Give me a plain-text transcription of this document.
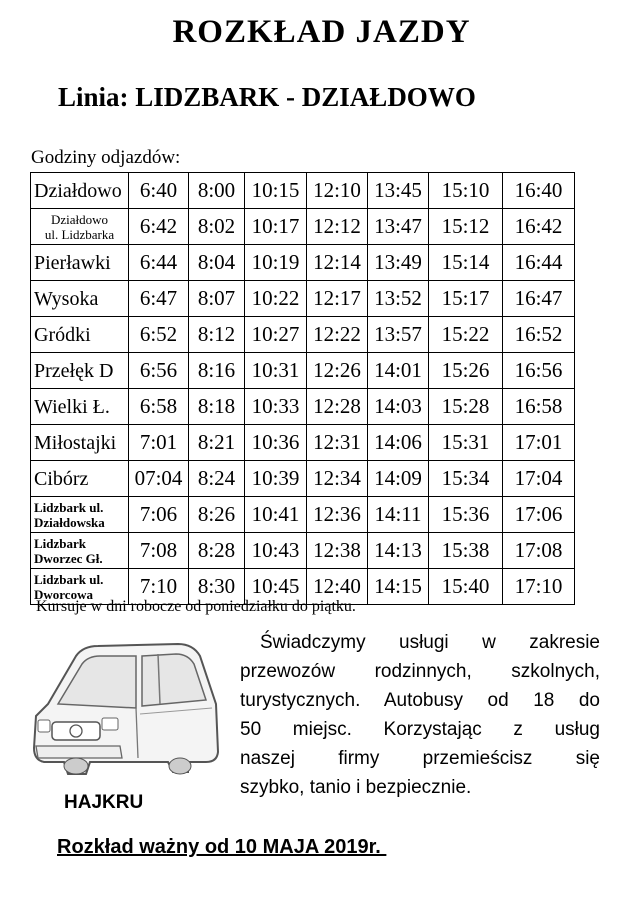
ROZKŁAD JAZDY
Linia: LIDZBARK - DZIAŁDOWO
Godziny odjazdów:
Działdowo	6:40	8:00	10:15	12:10	13:45	15:10	16:40
Działdowo
ul. Lidzbarka	6:42	8:02	10:17	12:12	13:47	15:12	16:42
Pierławki	6:44	8:04	10:19	12:14	13:49	15:14	16:44
Wysoka	6:47	8:07	10:22	12:17	13:52	15:17	16:47
Gródki	6:52	8:12	10:27	12:22	13:57	15:22	16:52
Przełęk D	6:56	8:16	10:31	12:26	14:01	15:26	16:56
Wielki Ł.	6:58	8:18	10:33	12:28	14:03	15:28	16:58
Miłostajki	7:01	8:21	10:36	12:31	14:06	15:31	17:01
Cibórz	07:04	8:24	10:39	12:34	14:09	15:34	17:04
Lidzbark ul.
Działdowska	7:06	8:26	10:41	12:36	14:11	15:36	17:06
Lidzbark
Dworzec Gł.	7:08	8:28	10:43	12:38	14:13	15:38	17:08
Lidzbark ul.
Dworcowa	7:10	8:30	10:45	12:40	14:15	15:40	17:10
Kursuje w dni robocze od poniedziałku do piątku.
Świadczymy usługi w zakresie
przewozów rodzinnych, szkolnych,
turystycznych. Autobusy od 18 do
50 miejsc. Korzystając z usług
naszej firmy przemieścisz się
szybko, tanio i bezpiecznie.
HAJKRU
Rozkład ważny od 10 MAJA 2019r.
